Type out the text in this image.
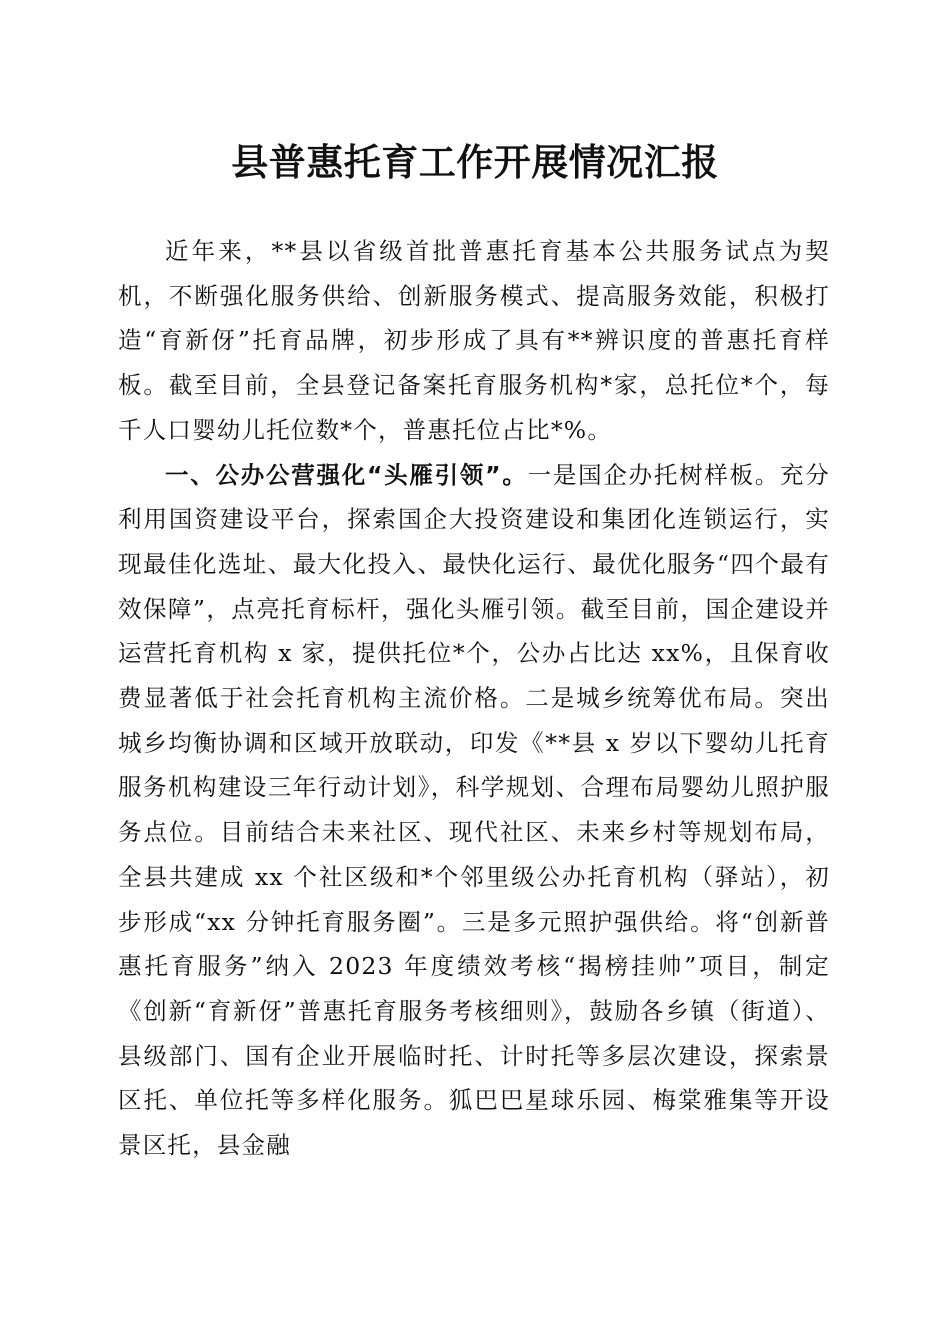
县普惠托育工作开展情况汇报

近年来，**县以省级首批普惠托育基本公共服务试点为契机，不断强化服务供给、创新服务模式、提高服务效能，积极打造“育新伢”托育品牌，初步形成了具有**辨识度的普惠托育样板。截至目前，全县登记备案托育服务机构*家，总托位*个，每千人口婴幼儿托位数*个，普惠托位占比*%。

一、公办公营强化“头雁引领”。一是国企办托树样板。充分利用国资建设平台，探索国企大投资建设和集团化连锁运行，实现最佳化选址、最大化投入、最快化运行、最优化服务“四个最有效保障”，点亮托育标杆，强化头雁引领。截至目前，国企建设并运营托育机构 x 家，提供托位*个，公办占比达 xx%，且保育收费显著低于社会托育机构主流价格。二是城乡统筹优布局。突出城乡均衡协调和区域开放联动，印发《**县 x 岁以下婴幼儿托育服务机构建设三年行动计划》，科学规划、合理布局婴幼儿照护服务点位。目前结合未来社区、现代社区、未来乡村等规划布局，全县共建成 xx 个社区级和*个邻里级公办托育机构（驿站），初步形成“xx 分钟托育服务圈”。三是多元照护强供给。将“创新普惠托育服务”纳入 2023 年度绩效考核“揭榜挂帅”项目，制定《创新“育新伢”普惠托育服务考核细则》，鼓励各乡镇（街道）、县级部门、国有企业开展临时托、计时托等多层次建设，探索景区托、单位托等多样化服务。狐巴巴星球乐园、梅棠雅集等开设景区托，县金融
